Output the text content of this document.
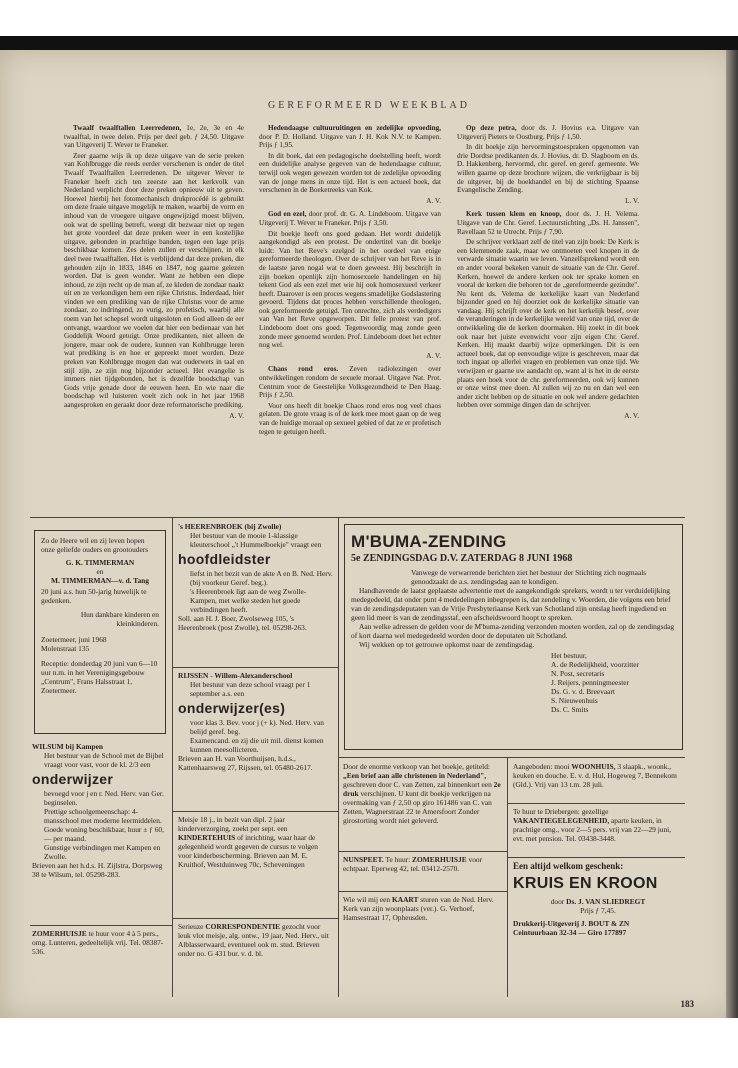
GEREFORMEERD WEEKBLAD

Twaalf twaalftallen Leerredenen, 1e, 2e, 3e en 4e twaalftal, in twee delen. Prijs per deel geb. ƒ 24,50. Uitgave van Uitgeverij T. Wever te Franeker.

Zeer gaarne wijs ik op deze uitgave van de serie preken van Kohlbrugge die reeds eerder verschenen is onder de titel Twaalf Twaalftallen Leerredenen. De uitgever Wever te Franeker heeft zich ten zeerste aan het kerkvolk van Nederland verplicht door deze preken opnieuw uit te geven. Hoewel hierbij het fotomechanisch drukprocédé is gebruikt om deze fraaie uitgave mogelijk te maken, waarbij de vorm en inhoud van de vroegere uitgave ongewijzigd moest blijven, ook wat de spelling betreft, weegt dit bezwaar niet op tegen het grote voordeel dat deze preken weer in een kostelijke uitgave, gebonden in prachtige banden, tegen een lage prijs beschikbaar komen. Zes delen zullen er verschijnen, in elk deel twee twaalftallen. Het is verblijdend dat deze preken, die gehouden zijn in 1833, 1846 en 1847, nog gaarne gelezen worden. Dat is geen wonder. Want ze hebben een diepe inhoud, ze zijn recht op de man af, ze kleden de zondaar naakt uit en ze verkondigen hem een rijke Christus. Inderdaad, hier vinden we een prediking van de rijke Christus voor de arme zondaar, zo indringend, zo vurig, zo profetisch, waarbij alle roem van het schepsel wordt uitgesloten en God alleen de eer ontvangt, waardoor we voelen dat hier een bedienaar van het Goddelijk Woord getuigt. Onze predikanten, niet alleen de jongere, maar ook de oudere, kunnen van Kohlbrugge leren wat prediking is en hoe er gepreekt moet worden. Deze preken van Kohlbrugge mogen dan wat ouderwets in taal en stijl zijn, ze zijn nog bijzonder actueel. Het evangelie is immers niet tijdgebonden, het is dezelfde boodschap van Gods vrije genade door de eeuwen heen. En wie naar die boodschap wil luisteren voelt zich ook in het jaar 1968 aangesproken en geraakt door deze reformatorische prediking.

A. V.

Hedendaagse cultuuruitingen en zedelijke opvoeding, door P. D. Holland. Uitgave van J. H. Kok N.V. te Kampen. Prijs ƒ 1,95.

In dit boek, dat een pedagogische doelstelling heeft, wordt een duidelijke analyse gegeven van de hedendaagse cultuur, terwijl ook wegen gewezen worden tot de zedelijke opvoeding van de jonge mens in onze tijd. Het is een actueel boek, dat verschenen in de Boeketreeks van Kok.

A. V.

God en ezel, door prof. dr. G. A. Lindeboom. Uitgave van Uitgeverij T. Wever te Franeker. Prijs ƒ 3,50.

Dit boekje heeft ons goed gedaan. Het wordt duidelijk aangekondigd als een protest. De ondertitel van dit boekje luidt: Van het Reve's ezelgod in het oordeel van enige gereformeerde theologen. Over de schrijver van het Reve is in de laatste jaren nogal wat te doen geweest. Hij beschrijft in zijn boeken openlijk zijn homosexuele handelingen en hij tekent God als een ezel met wie hij ook homosexueel verkeer heeft. Daarover is een proces wegens smadelijke Godslastering gevoerd. Tijdens dat proces hebben verschillende theologen, ook gereformeerde getuigd. Ten onrechte, zich als verdedigers van Van het Reve opgeworpen. Dit felle protest van prof. Lindeboom doet ons goed. Tegenwoordig mag zonde geen zonde meer genoemd worden. Prof. Lindeboom doet het echter nog wel.

A. V.

Chaos rond eros. Zeven radiolezingen over ontwikkelingen rondom de sexuele moraal. Uitgave Nat. Prot. Centrum voor de Geestelijke Volksgezondheid te Den Haag. Prijs ƒ 2,50.

Voor ons heeft dit boekje Chaos rond eros nog veel chaos gelaten. De grote vraag is of de kerk mee moet gaan op de weg van de huidige moraal op sexueel gebied of dat ze er profetisch tegen te getuigen heeft.

Op deze petra, door ds. J. Hovius e.a. Uitgave van Uitgeverij Pieters te Oostburg. Prijs ƒ 1,50.

In dit boekje zijn hervormingstoespraken opgenomen van drie Dordtse predikanten ds. J. Hovius, dr. D. Slagboom en ds. D. Hakkenberg, hervormd, chr. geref. en geref. gemeente. We willen gaarne op deze brochure wijzen, die verkrijgbaar is bij de uitgever, bij de boekhandel en bij de stichting Spaanse Evangelische Zending.

L. V.

Kerk tussen klem en knoop, door ds. J. H. Velema. Uitgave van de Chr. Geref. Lectuurstichting „Ds. H. Janssen", Ravellaan 52 te Utrecht. Prijs ƒ 7,90.

De schrijver verklaart zelf de titel van zijn boek: De Kerk is een klemmende zaak, maar we ontmoeten veel knopen in de verwarde situatie waarin we leven. Vanzelfsprekend wordt een en ander vooral bekeken vanuit de situatie van de Chr. Geref. Kerken, hoewel de andere kerken ook ter sprake komen en vooral de kerken die behoren tot de „gereformeerde gezindte". Nu kent ds. Velema de kerkelijke kaart van Nederland bijzonder goed en hij doorziet ook de kerkelijke situatie van vandaag. Hij schrijft over de kerk en het kerkelijk besef, over de veranderingen in de kerkelijke wereld van onze tijd, over de ontwikkeling die de kerken doormaken. Hij zoekt in dit boek ook naar het juiste evenwicht voor zijn eigen Chr. Geref. Kerken. Hij maakt daarbij wijze opmerkingen. Dit is een actueel boek, dat op eenvoudige wijze is geschreven, maar dat toch ingaat op allerlei vragen en problemen van onze tijd. We verwijzen er gaarne uw aandacht op, want al is het in de eerste plaats een boek voor de chr. gereformeerden, ook wij kunnen er onze winst mee doen. Al zullen wij zo nu en dan wel een ander zicht hebben op de situatie en ook wel andere gedachten hebben over sommige dingen dan de schrijver.

A. V.

Zo de Heere wil en zij leven hopen onze geliefde ouders en grootouders

G. K. TIMMERMAN

en

M. TIMMERMAN—v. d. Tang

20 juni a.s. hun 50-jarig huwelijk te gedenken.

Hun dankbare kinderen en kleinkinderen.

Zoetermeer, juni 1968

Molenstraat 135

Receptie: donderdag 20 juni van 6—10 uur n.m. in het Verenigingsgebouw „Centrum", Frans Halsstraat 1, Zoetermeer.

WILSUM bij Kampen

Het bestuur van de School met de Bijbel vraagt voor vast, voor de kl. 2/3 een

onderwijzer

bevoegd voor j en r. Ned. Herv. van Ger. beginselen.

Prettige schoolgemeenschap: 4-mansschool met moderne leermiddelen.

Goede woning beschikbaar, huur ± ƒ 60,— per maand.

Gunstige verbindingen met Kampen en Zwolle.

Brieven aan het h.d.s. H. Zijlstra, Dorpsweg 38 te Wilsum, tel. 05298-283.

ZOMERHUISJE te huur voor 4 à 5 pers., omg. Lunteren, gedeeltelijk vrij. Tel. 08387-536.

's HEERENBROEK (bij Zwolle)

Het bestuur van de mooie 1-klassige kleuterschool „'t Hummelboekje" vraagt een

hoofdleidster

liefst in het bezit van de akte A en B. Ned. Herv. (bij voorkeur Geref. beg.).

's Heerenbroek ligt aan de weg Zwolle-Kampen, met welke steden het goede verbindingen heeft.

Soll. aan H. J. Boer, Zwolseweg 105, 's Heerenbroek (post Zwolle), tel. 05298-263.

RIJSSEN - Willem-Alexanderschool

Het bestuur van deze school vraagt per 1 september a.s. een

onderwijzer(es)

voor klas 3. Bev. voor j (+ k). Ned. Herv. van belijd geref. beg.

Examencand. en zij die uit mil. dienst komen kunnen meesollicteren.

Brieven aan H. van Voorthuijsen, h.d.s., Kattenhaarsweg 27, Rijssen, tel. 05480-2617.

Meisje 18 j., in bezit van dipl. 2 jaar kinderverzorging, zoekt per sept. een KINDERTEHUIS of inrichting, waar haar de gelegenheid wordt gegeven de cursus te volgen voor kinderbescherming. Brieven aan M. E. Kruithof, Westduinweg 70c, Scheveningen

Serieuze CORRESPONDENTIE gezocht voor leuk vlot meisje, alg. ontw., 19 jaar, Ned. Herv., uit Alblasserwaard, eventueel ook m. stud. Brieven onder no. G 431 bur. v. d. bl.

M'BUMA-ZENDING

5e ZENDINGSDAG D.V. ZATERDAG 8 JUNI 1968

Vanwege de verwarrende berichten ziet het bestuur der Stichting zich nogmaals genoodzaakt de a.s. zendingsdag aan te kondigen.

Handhavende de laatst geplaatste advertentie met de aangekondigde sprekers, wordt u ter verduidelijking medegedeeld, dat onder punt 4 mededelingen inbegrepen is, dat zendeling v. Woerden, die volgens een brief van de zendingsdeputaten van de Vrije Presbyteriaanse Kerk van Schotland zijn ontslag heeft ingediend en geen lid meer is van de zendingsstaf, een afscheidswoord hoopt te spreken.

Aan welke adressen de gelden voor de M'buma-zending verzonden moeten worden, zal op de zendingsdag of kort daarna wel medegedeeld worden door de deputaten uit Schotland.

Wij wekken op tot getrouwe opkomst naar de zendingsdag.

Het bestuur,

A. de Redelijkheid, voorzitter

N. Post, secretaris

J. Reijers, penningmeester

Ds. G. v. d. Breevaart

S. Nieuwenhuis

Ds. C. Smits

Door de enorme verkoop van het boekje, getiteld: „Een brief aan alle christenen in Nederland", geschreven door C. van Zetten, zal binnenkort een 2e druk verschijnen. U kunt dit boekje verkrijgen na overmaking van ƒ 2,50 op giro 161486 van C. van Zetten, Wagnerstraat 22 te Amersfoort Zonder girostorting wordt niet geleverd.

NUNSPEET. Te huur: ZOMERHUISJE voor echtpaar. Eperweg 42, tel. 03412-2570.

Wie wil mij een KAART sturen van de Ned. Herv. Kerk van zijn woonplaats (ver.). G. Verhoef, Hamsestraat 17, Opheusden.

Aangeboden: mooi WOONHUIS, 3 slaapk., woonk., keuken en douche. E. v. d. Hul, Hogeweg 7, Bennekom (Gld.). Vrij van 13 t.m. 28 juli.

Te huur te Driebergen: gezellige VAKANTIEGELEGENHEID, aparte keuken, in prachtige omg., voor 2—5 pers. vrij van 22—29 juni, evt. met pension. Tel. 03438-3448.

Een altijd welkom geschenk:

KRUIS EN KROON

door Ds. J. VAN SLIEDREGT

Prijs ƒ 7,45.

Drukkerij-Uitgeverij J. BOUT & ZN

Ceintuurbaan 32-34 — Giro 177897

183
